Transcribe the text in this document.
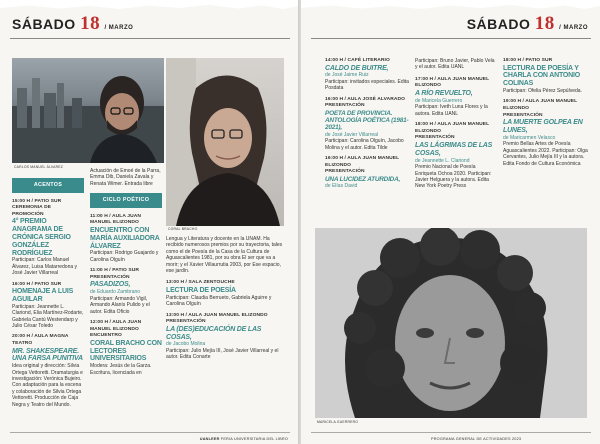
SÁBADO 18 / MARZO
CARLOS MANUEL ÁLVAREZ
CORAL BRACHO
ACENTOS
15:00 H / PATIO SUR
CEREMONIA DE PROMOCIÓN
4° PREMIO ANAGRAMA DE CRÓNICA SERGIO GONZÁLEZ RODRÍGUEZ
Participan: Carlos Manuel Álvarez, Luisa Matarredona y José Javier Villarreal
16:00 H / PATIO SUR
HOMENAJE A LUIS AGUILAR
Participan: Jeannette L. Clariond, Elia Martínez-Rodarte, Gabriela Cantú Westendarp y Julio César Toledo
20:00 H / AULA MAGNA
TEATRO
MR. SHAKESPEARE. UNA FARSA PUNITIVA
Idea original y dirección: Silvia Ortega Vettoretti. Dramaturgia e investigación: Verónica Bujeiro. Con adaptación para la escena y colaboración de Silvia Ortega Vettoretti. Producción de Caja Negra y Teatro del Mundo.
Actuación de Emoé de la Parra, Emma Dib, Daniela Zavala y Renata Wimer. Entrada libre
CICLO POÉTICO
11:00 H / AULA JUAN MANUEL ELIZONDO
ENCUENTRO CON MARÍA AUXILIADORA ÁLVAREZ
Participan: Rodrigo Guajardo y Carolina Olguín
11:00 H / PATIO SUR
PRESENTACIÓN
PASADIZOS,
de Eduardo Zambrano
Participan: Armando Vigil, Armando Alanís Pulido y el autor. Edita Oficio
12:00 H / AULA JUAN MANUEL ELIZONDO
ENCUENTRO
CORAL BRACHO CON LECTORES UNIVERSITARIOS
Modera: Jesús de la Garza. Escritura, licenciada en
Lengua y Literatura y docente en la UNAM. Ha recibido numerosos premios por su trayectoria, tales como el de Poesía de la Casa de la Cultura de Aguascalientes 1981, por su obra El ser que va a morir; y el Xavier Villaurrutia 2003, por Ese espacio, ese jardín.
13:00 H / SALA ZENTOUCHE
LECTURA DE POESÍA
Participan: Claudia Berrueto, Gabriela Aguirre y Carolina Olguín
13:00 H / AULA JUAN MANUEL ELIZONDO
PRESENTACIÓN
LA (DES)EDUCACIÓN DE LAS COSAS,
de Jacobo Molina
Participan: Julio Mejía III, José Javier Villarreal y el autor. Edita Conarte
UANLEER FERIA UNIVERSITARIA DEL LIBRO
SÁBADO 18 / MARZO
14:00 H / CAFÉ LITERARIO
CALDO DE BUITRE,
de José Jaime Ruiz
Participan: invitados especiales. Edita Posdata
16:00 H / AULA JOSÉ ALVARADO
PRESENTACIÓN
POETA DE PROVINCIA. ANTOLOGÍA POÉTICA (1981-2021),
de José Javier Villarreal
Participan: Carolina Olguín, Jacobo Molina y el autor. Edita Tilde
16:00 H / AULA JUAN MANUEL ELIZONDO
PRESENTACIÓN
UNA LUCIDEZ ATURDIDA,
de Elías David
Participan: Bruno Javier, Pablo Vela y el autor. Edita UANL
17:00 H / AULA JUAN MANUEL ELIZONDO
A RÍO REVUELTO,
de Maricela Guerrero
Participan: Iveth Luna Flores y la autora. Edita UANL
18:00 H / AULA JUAN MANUEL ELIZONDO
PRESENTACIÓN
LAS LÁGRIMAS DE LAS COSAS,
de Jeannette L. Clariond
Premio Nacional de Poesía Enriqueta Ochoa 2020. Participan: Javier Helguera y la autora. Edita New York Poetry Press
18:00 H / PATIO SUR
LECTURA DE POESÍA Y CHARLA CON ANTONIO COLINAS
Participan: Ofelia Pérez Sepúlveda.
19:00 H / AULA JUAN MANUEL ELIZONDO
PRESENTACIÓN
LA MUERTE GOLPEA EN LUNES,
de Maricarmen Velasco
Premio Bellas Artes de Poesía Aguascalientes 2022. Participan: Olga Cervantes, Julio Mejía III y la autora. Edita Fondo de Cultura Económica
MARICELA GUERRERO
PROGRAMA GENERAL DE ACTIVIDADES 2023
